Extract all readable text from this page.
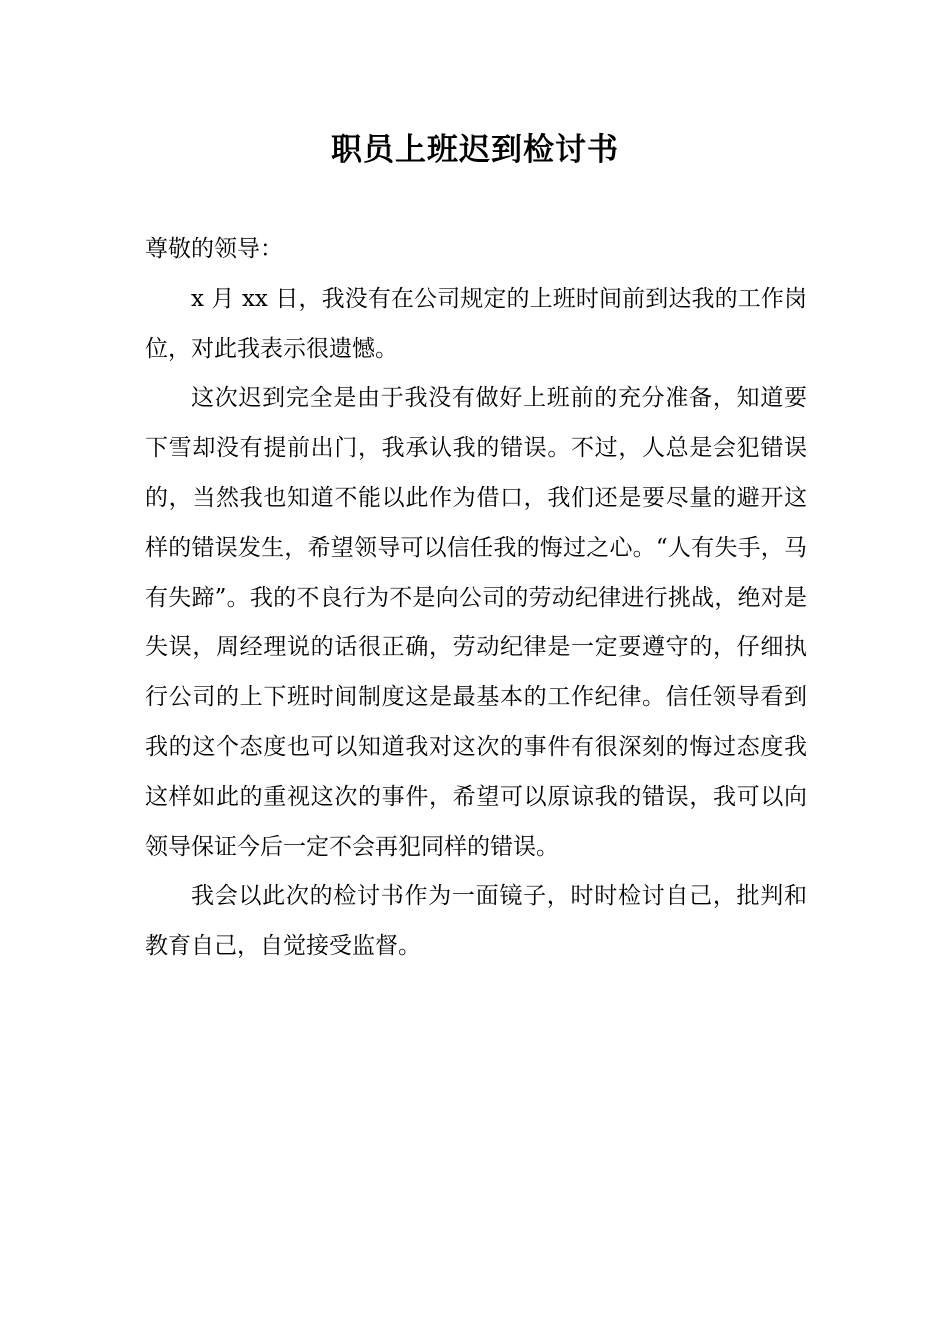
职员上班迟到检讨书

尊敬的领导：

x 月 xx 日，我没有在公司规定的上班时间前到达我的工作岗位，对此我表示很遗憾。

这次迟到完全是由于我没有做好上班前的充分准备，知道要下雪却没有提前出门，我承认我的错误。不过，人总是会犯错误的，当然我也知道不能以此作为借口，我们还是要尽量的避开这样的错误发生，希望领导可以信任我的悔过之心。“人有失手，马有失蹄”。我的不良行为不是向公司的劳动纪律进行挑战，绝对是失误，周经理说的话很正确，劳动纪律是一定要遵守的，仔细执行公司的上下班时间制度这是最基本的工作纪律。信任领导看到我的这个态度也可以知道我对这次的事件有很深刻的悔过态度我这样如此的重视这次的事件，希望可以原谅我的错误，我可以向领导保证今后一定不会再犯同样的错误。

我会以此次的检讨书作为一面镜子，时时检讨自己，批判和教育自己，自觉接受监督。
